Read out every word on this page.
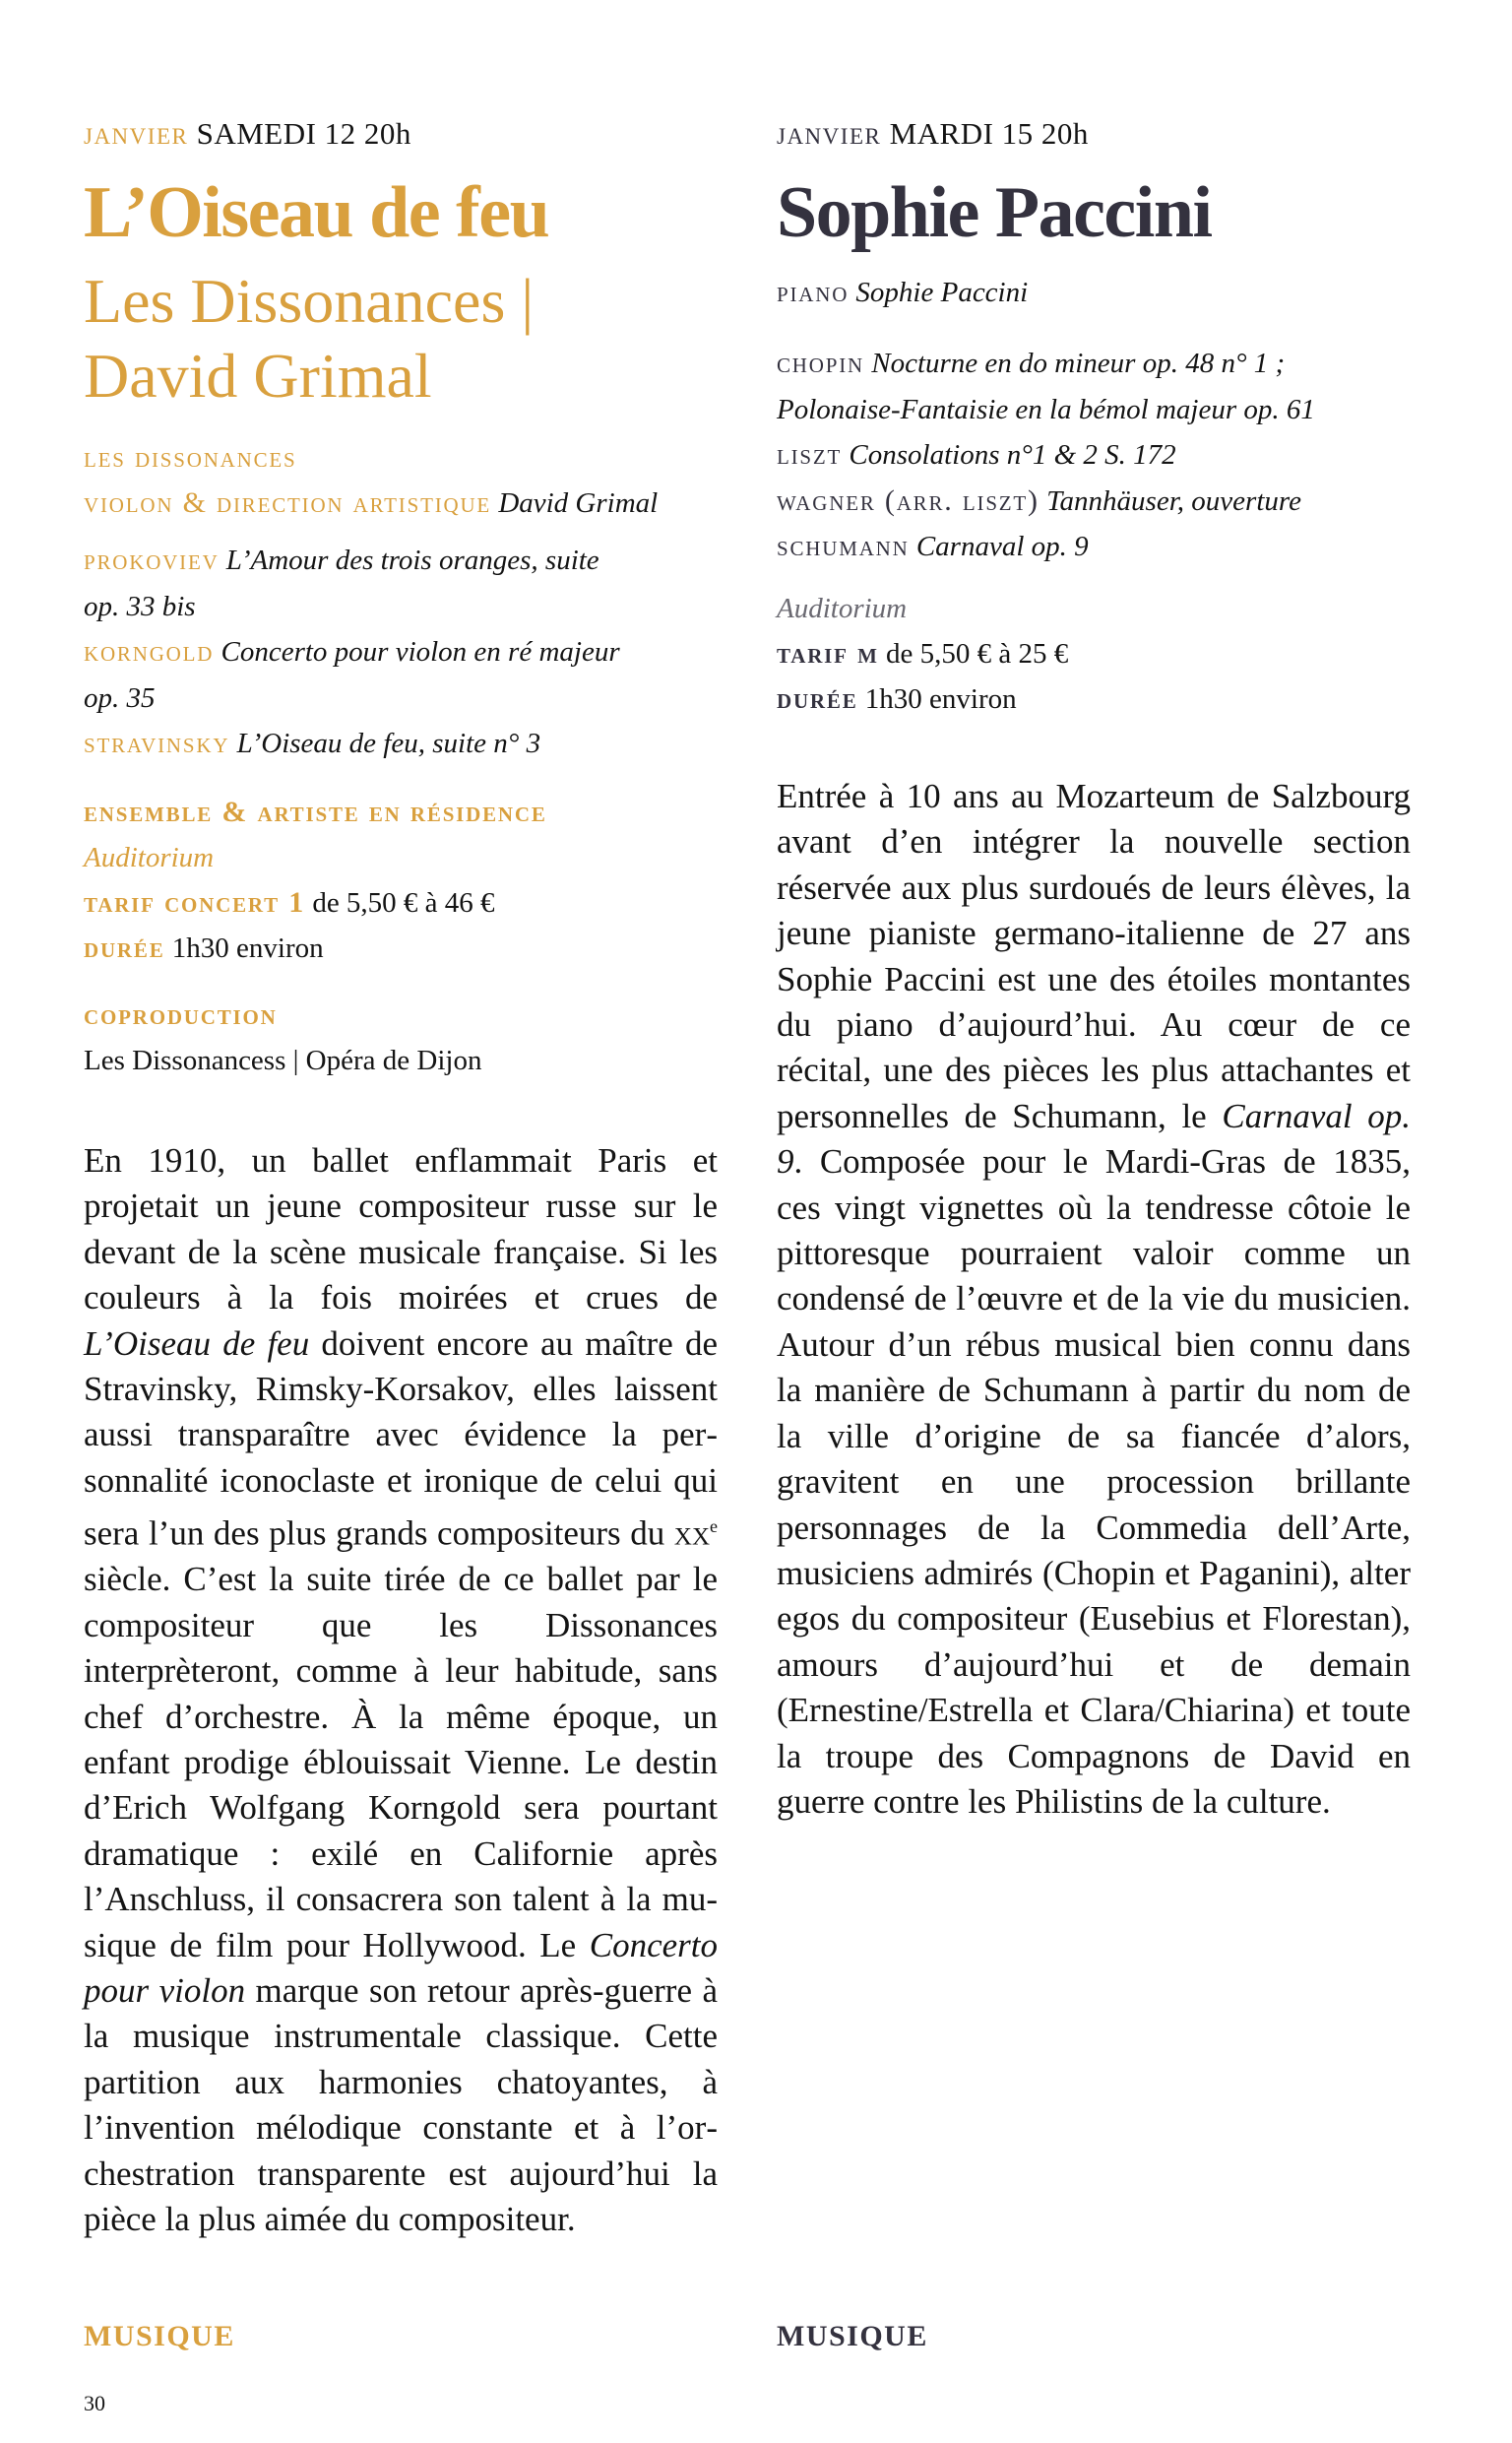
janvier SAMEDI 12 20h
L’Oiseau de feu
Les Dissonances |
David Grimal
les dissonances
violon & direction artistique David Grimal
prokoviev L’Amour des trois oranges, suite
op. 33 bis
korngold Concerto pour violon en ré majeur
op. 35
stravinsky L’Oiseau de feu, suite n° 3
ensemble & artiste en résidence
Auditorium
tarif concert 1 de 5,50 € à 46 €
durée 1h30 environ
coproduction
Les Dissonancess | Opéra de Dijon

En 1910, un ballet enflammait Paris et projetait un jeune compositeur russe sur le devant de la scène musicale française. Si les couleurs à la fois moirées et crues de L’Oiseau de feu doivent encore au maître de Stravinsky, Rimsky-Korsakov, elles laissent aussi transparaître avec évidence la personnalité iconoclaste et ironique de celui qui sera l’un des plus grands compositeurs du $xx^e$ siècle. C’est la suite tirée de ce ballet par le compositeur que les Dissonances interprèteront, comme à leur habitude, sans chef d’orchestre. À la même époque, un enfant prodige éblouissait Vienne. Le destin d’Erich Wolfgang Korngold sera pourtant dramatique : exilé en Californie après l’Anschluss, il consacrera son talent à la musique de film pour Hollywood. Le Concerto pour violon marque son retour après-guerre à la musique instrumentale classique. Cette partition aux harmonies chatoyantes, à l’invention mélodique constante et à l’orchestration transparente est aujourd’hui la pièce la plus aimée du compositeur.

MUSIQUE
30
janvier MARDI 15 20h
Sophie Paccini
piano Sophie Paccini
chopin Nocturne en do mineur op. 48 n° 1 ;
Polonaise-Fantaisie en la bémol majeur op. 61
liszt Consolations n°1 & 2 S. 172
wagner (arr. liszt) Tannhäuser, ouverture
schumann Carnaval op. 9
Auditorium
tarif m de 5,50 € à 25 €
durée 1h30 environ

Entrée à 10 ans au Mozarteum de Salzbourg avant d’en intégrer la nouvelle section réservée aux plus surdoués de leurs élèves, la jeune pianiste germano-italienne de 27 ans Sophie Paccini est une des étoiles montantes du piano d’aujourd’hui. Au cœur de ce récital, une des pièces les plus attachantes et personnelles de Schumann, le Carnaval op. 9. Composée pour le Mardi-Gras de 1835, ces vingt vignettes où la tendresse côtoie le pittoresque pourraient valoir comme un condensé de l’œuvre et de la vie du musicien. Autour d’un rébus musical bien connu dans la manière de Schumann à partir du nom de la ville d’origine de sa fiancée d’alors, gravitent en une procession brillante personnages de la Commedia dell’Arte, musiciens admirés (Chopin et Paganini), alter egos du compositeur (Eusebius et Florestan), amours d’aujourd’hui et de demain (Ernestine/Estrella et Clara/Chiarina) et toute la troupe des Compagnons de David en guerre contre les Philistins de la culture.

MUSIQUE
